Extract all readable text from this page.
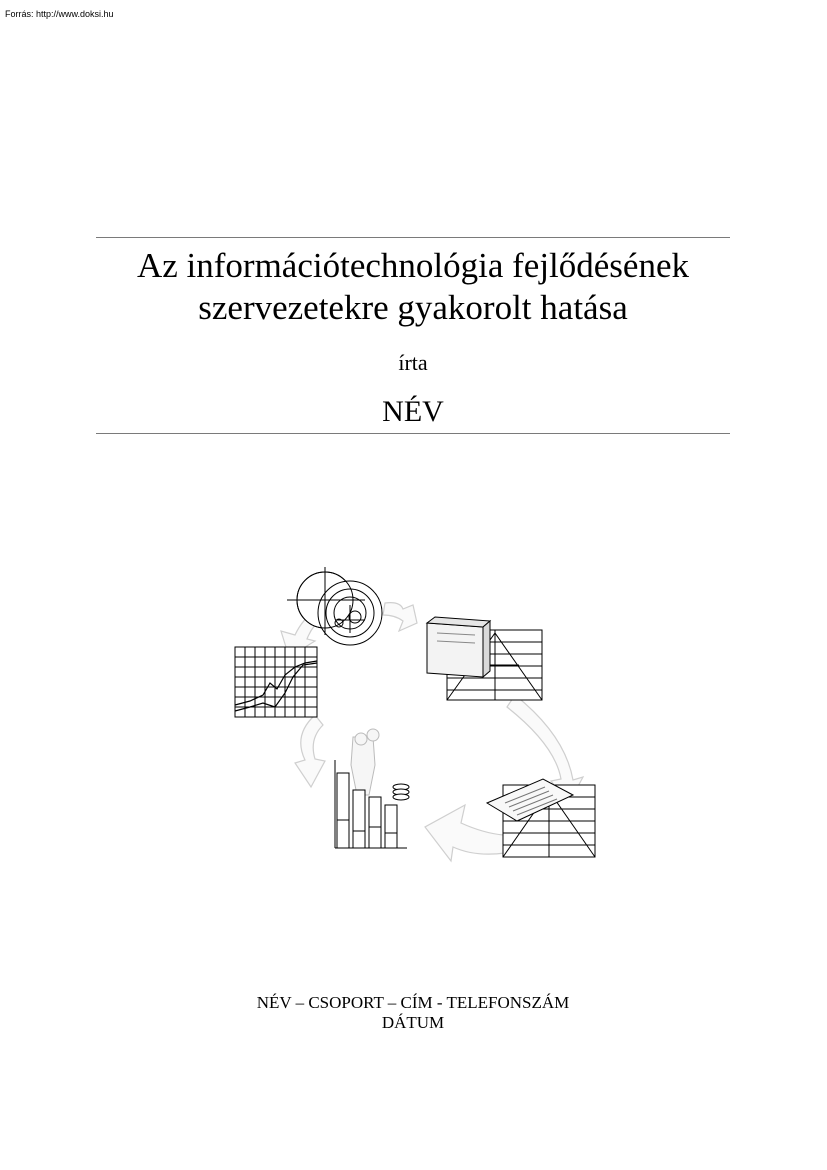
Forrás: http://www.doksi.hu
Az információtechnológia fejlődésének
szervezetekre gyakorolt hatása
írta
NÉV
NÉV – CSOPORT – CÍM - TELEFONSZÁM
DÁTUM
